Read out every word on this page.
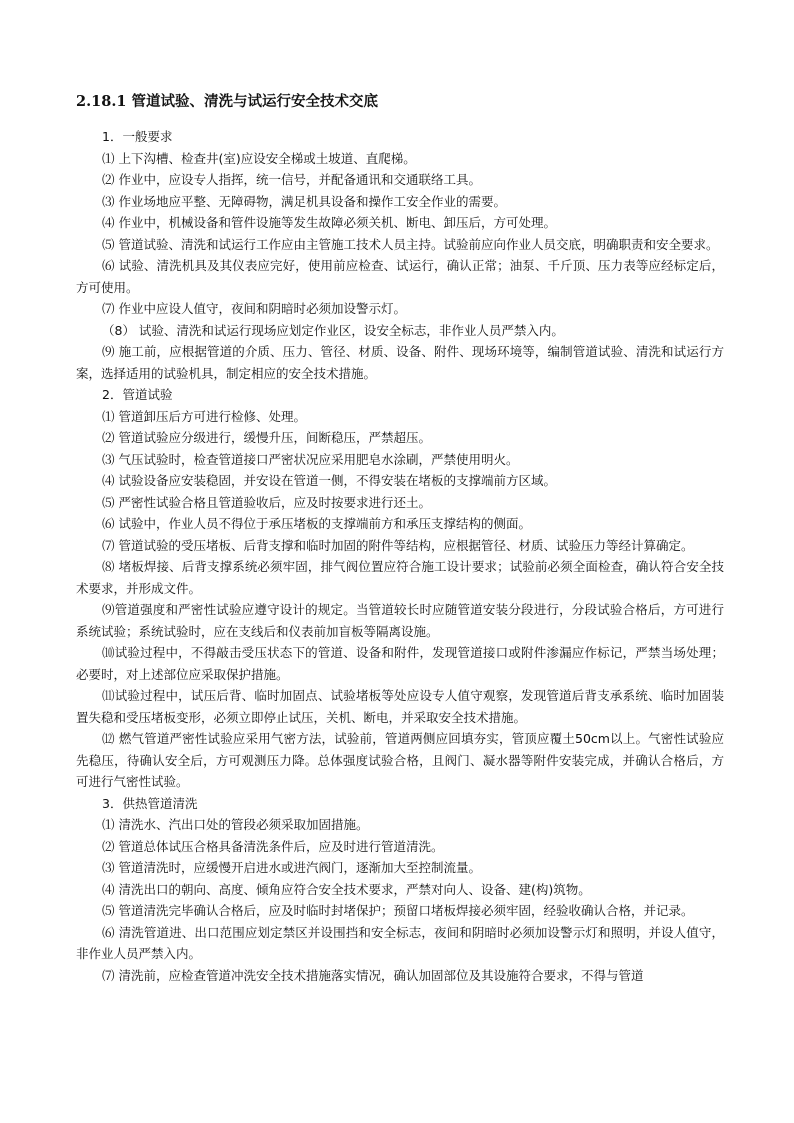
2.18.1 管道试验、清洗与试运行安全技术交底

1．一般要求

⑴ 上下沟槽、检查井(室)应设安全梯或土坡道、直爬梯。

⑵ 作业中，应设专人指挥，统一信号，并配备通讯和交通联络工具。

⑶ 作业场地应平整、无障碍物，满足机具设备和操作工安全作业的需要。

⑷ 作业中，机械设备和管件设施等发生故障必须关机、断电、卸压后，方可处理。

⑸ 管道试验、清洗和试运行工作应由主管施工技术人员主持。试验前应向作业人员交底，明确职责和安全要求。

⑹ 试验、清洗机具及其仪表应完好，使用前应检查、试运行，确认正常；油泵、千斤顶、压力表等应经标定后，方可使用。

⑺ 作业中应设人值守，夜间和阴暗时必须加设警示灯。

（8） 试验、清洗和试运行现场应划定作业区，设安全标志，非作业人员严禁入内。

⑼ 施工前，应根据管道的介质、压力、管径、材质、设备、附件、现场环境等，编制管道试验、清洗和试运行方案，选择适用的试验机具，制定相应的安全技术措施。

2．管道试验

⑴ 管道卸压后方可进行检修、处理。

⑵ 管道试验应分级进行，缓慢升压，间断稳压，严禁超压。

⑶ 气压试验时，检查管道接口严密状况应采用肥皂水涂刷，严禁使用明火。

⑷ 试验设备应安装稳固，并安设在管道一侧，不得安装在堵板的支撑端前方区域。

⑸ 严密性试验合格且管道验收后，应及时按要求进行还土。

⑹ 试验中，作业人员不得位于承压堵板的支撑端前方和承压支撑结构的侧面。

⑺ 管道试验的受压堵板、后背支撑和临时加固的附件等结构，应根据管径、材质、试验压力等经计算确定。

⑻ 堵板焊接、后背支撑系统必须牢固，排气阀位置应符合施工设计要求；试验前必须全面检查，确认符合安全技术要求，并形成文件。

⑼管道强度和严密性试验应遵守设计的规定。当管道较长时应随管道安装分段进行，分段试验合格后，方可进行系统试验；系统试验时，应在支线后和仪表前加盲板等隔离设施。

⑽试验过程中，不得敲击受压状态下的管道、设备和附件，发现管道接口或附件渗漏应作标记，严禁当场处理；必要时，对上述部位应采取保护措施。

⑾试验过程中，试压后背、临时加固点、试验堵板等处应设专人值守观察，发现管道后背支承系统、临时加固装置失稳和受压堵板变形，必须立即停止试压，关机、断电，并采取安全技术措施。

⑿ 燃气管道严密性试验应采用气密方法，试验前，管道两侧应回填夯实，管顶应覆土50cm以上。气密性试验应先稳压，待确认安全后，方可观测压力降。总体强度试验合格，且阀门、凝水器等附件安装完成，并确认合格后，方可进行气密性试验。

3．供热管道清洗

⑴ 清洗水、汽出口处的管段必须采取加固措施。

⑵ 管道总体试压合格具备清洗条件后，应及时进行管道清洗。

⑶ 管道清洗时，应缓慢开启进水或进汽阀门，逐渐加大至控制流量。

⑷ 清洗出口的朝向、高度、倾角应符合安全技术要求，严禁对向人、设备、建(构)筑物。

⑸ 管道清洗完毕确认合格后，应及时临时封堵保护；预留口堵板焊接必须牢固，经验收确认合格，并记录。

⑹ 清洗管道进、出口范围应划定禁区并设围挡和安全标志，夜间和阴暗时必须加设警示灯和照明，并设人值守，非作业人员严禁入内。

⑺ 清洗前，应检查管道冲洗安全技术措施落实情况，确认加固部位及其设施符合要求，不得与管道
